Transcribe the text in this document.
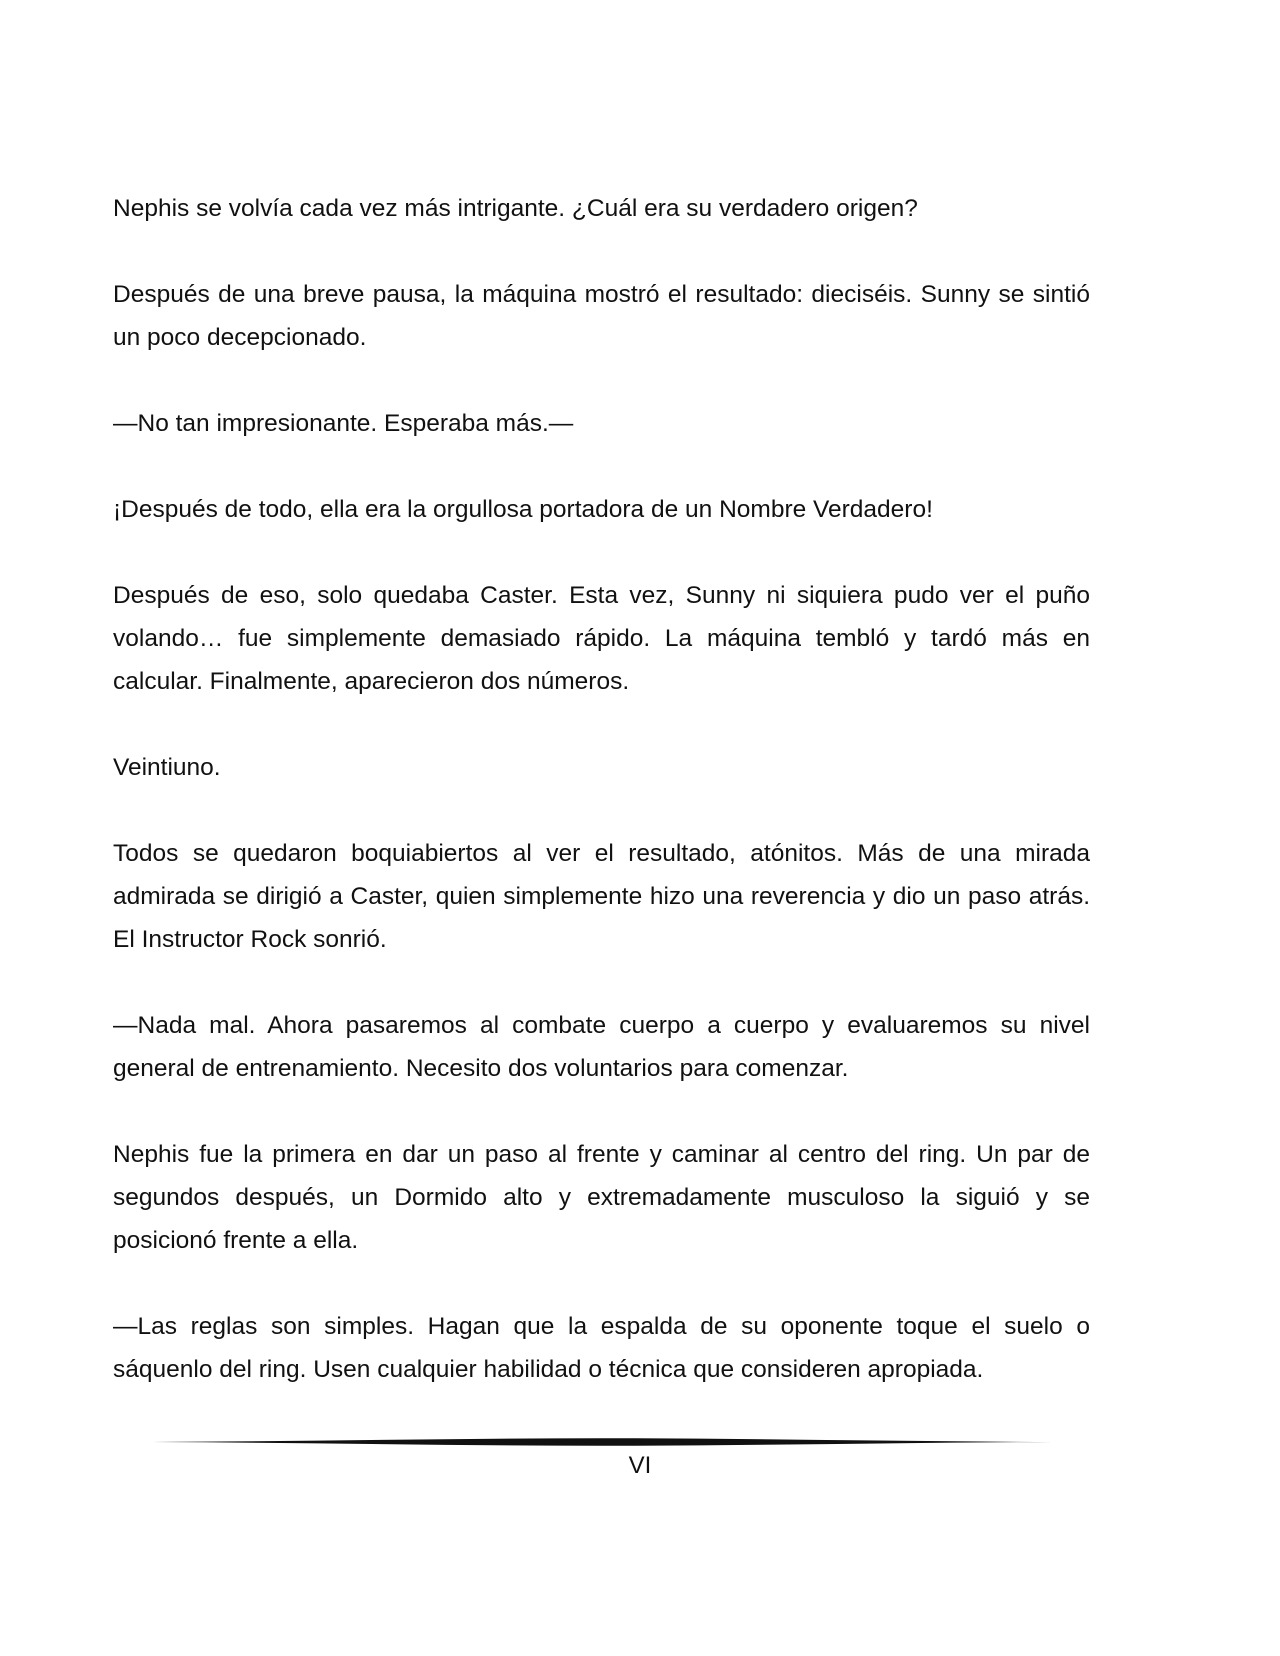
Nephis se volvía cada vez más intrigante. ¿Cuál era su verdadero origen?

Después de una breve pausa, la máquina mostró el resultado: dieciséis. Sunny se sintió un poco decepcionado.

—No tan impresionante. Esperaba más.—

¡Después de todo, ella era la orgullosa portadora de un Nombre Verdadero!

Después de eso, solo quedaba Caster. Esta vez, Sunny ni siquiera pudo ver el puño volando… fue simplemente demasiado rápido. La máquina tembló y tardó más en calcular. Finalmente, aparecieron dos números.

Veintiuno.

Todos se quedaron boquiabiertos al ver el resultado, atónitos. Más de una mirada admirada se dirigió a Caster, quien simplemente hizo una reverencia y dio un paso atrás. El Instructor Rock sonrió.

—Nada mal. Ahora pasaremos al combate cuerpo a cuerpo y evaluaremos su nivel general de entrenamiento. Necesito dos voluntarios para comenzar.

Nephis fue la primera en dar un paso al frente y caminar al centro del ring. Un par de segundos después, un Dormido alto y extremadamente musculoso la siguió y se posicionó frente a ella.

—Las reglas son simples. Hagan que la espalda de su oponente toque el suelo o sáquenlo del ring. Usen cualquier habilidad o técnica que consideren apropiada.

VI
